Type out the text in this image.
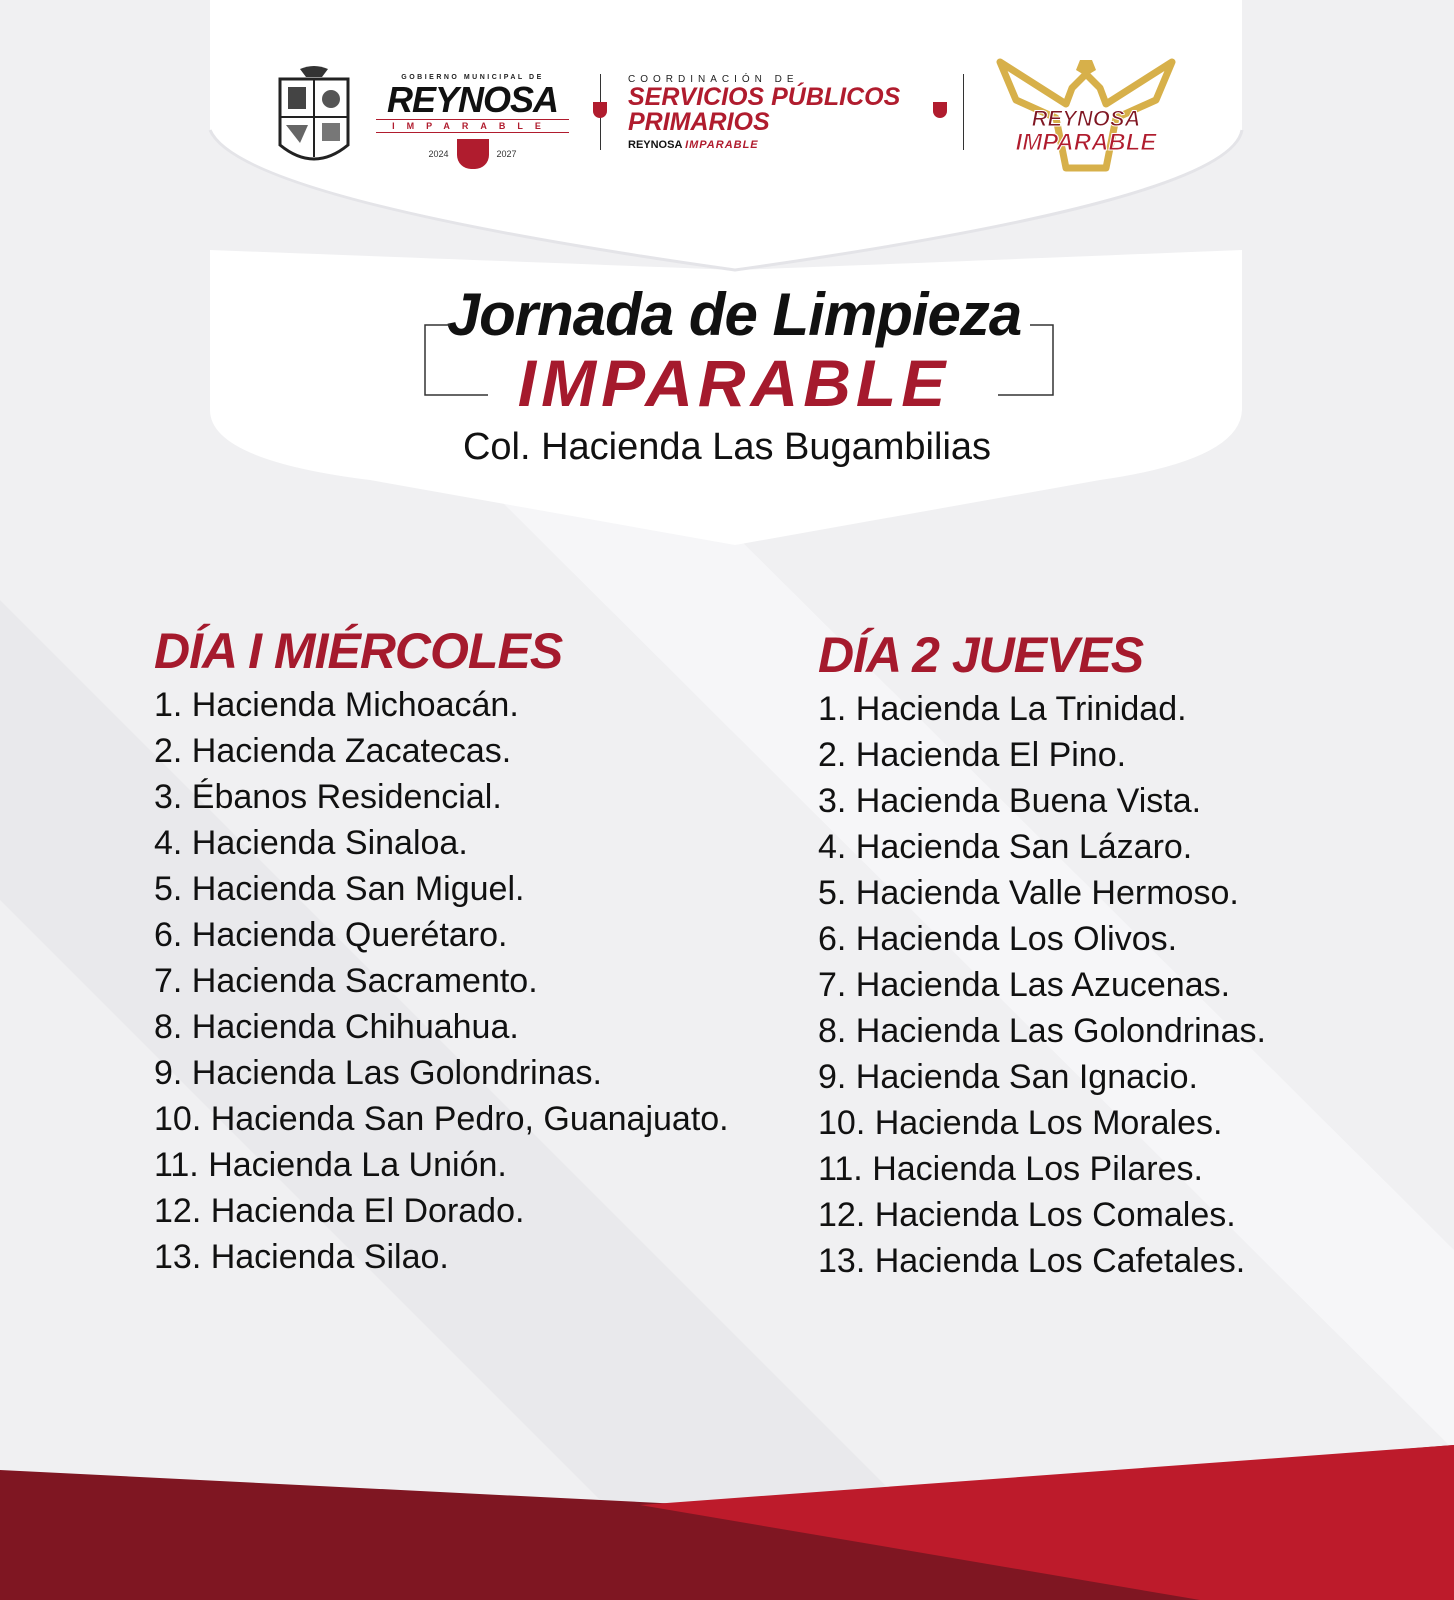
GOBIERNO MUNICIPAL DE
REYNOSA
IMPARABLE
2024	2027
COORDINACIÓN DE
SERVICIOS PÚBLICOS
PRIMARIOS
REYNOSA IMPARABLE
REYNOSA
IMPARABLE
Jornada de Limpieza
IMPARABLE
Col. Hacienda Las Bugambilias
DÍA I MIÉRCOLES
1. Hacienda Michoacán.
2. Hacienda Zacatecas.
3. Ébanos Residencial.
4. Hacienda Sinaloa.
5. Hacienda San Miguel.
6. Hacienda Querétaro.
7. Hacienda Sacramento.
8. Hacienda Chihuahua.
9. Hacienda Las Golondrinas.
10. Hacienda San Pedro, Guanajuato.
11. Hacienda La Unión.
12. Hacienda El Dorado.
13. Hacienda Silao.
DÍA 2 JUEVES
1. Hacienda La Trinidad.
2. Hacienda El Pino.
3. Hacienda Buena Vista.
4. Hacienda San Lázaro.
5. Hacienda Valle Hermoso.
6. Hacienda Los Olivos.
7. Hacienda Las Azucenas.
8. Hacienda Las Golondrinas.
9. Hacienda San Ignacio.
10. Hacienda Los Morales.
11. Hacienda Los Pilares.
12. Hacienda Los Comales.
13. Hacienda Los Cafetales.
